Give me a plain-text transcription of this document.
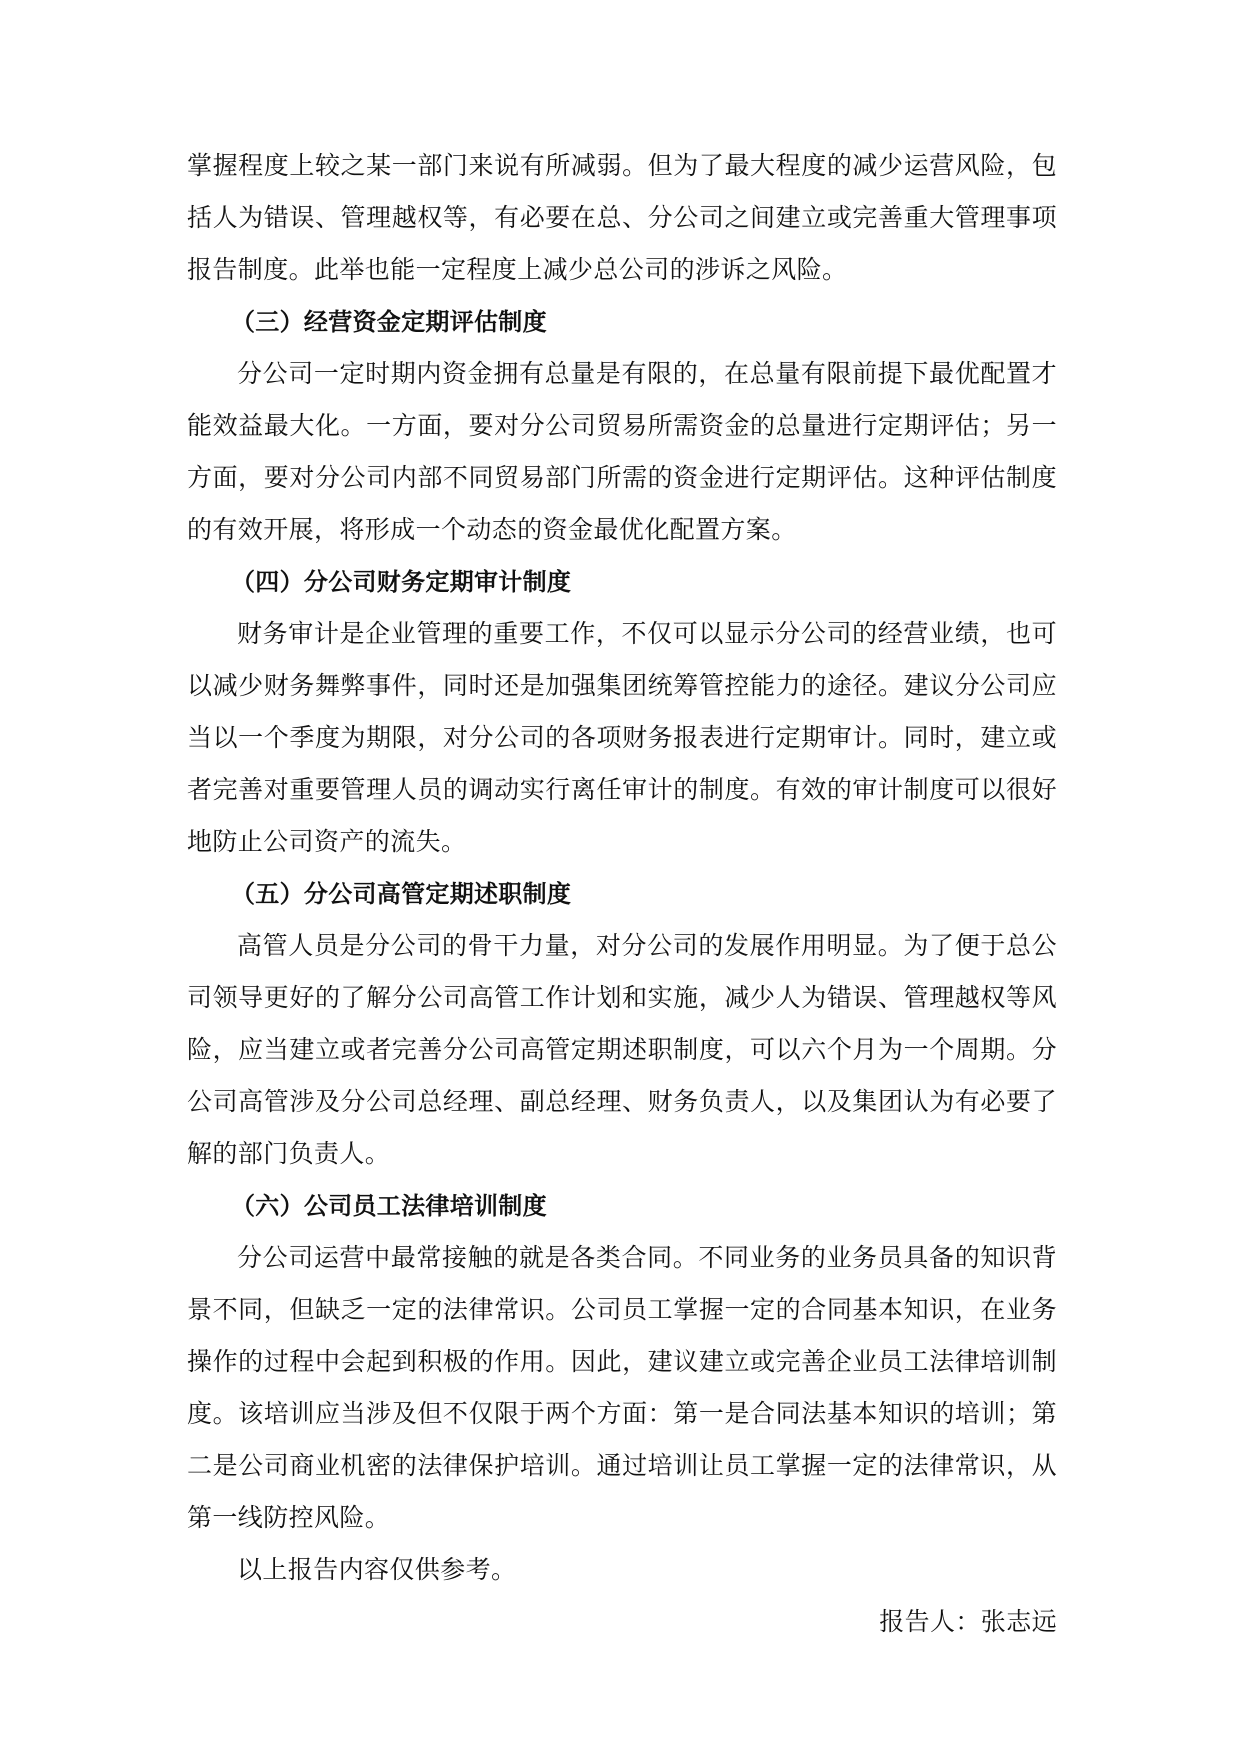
掌握程度上较之某一部门来说有所减弱。但为了最大程度的减少运营风险，包括人为错误、管理越权等，有必要在总、分公司之间建立或完善重大管理事项报告制度。此举也能一定程度上减少总公司的涉诉之风险。

（三）经营资金定期评估制度

分公司一定时期内资金拥有总量是有限的，在总量有限前提下最优配置才能效益最大化。一方面，要对分公司贸易所需资金的总量进行定期评估；另一方面，要对分公司内部不同贸易部门所需的资金进行定期评估。这种评估制度的有效开展，将形成一个动态的资金最优化配置方案。

（四）分公司财务定期审计制度

财务审计是企业管理的重要工作，不仅可以显示分公司的经营业绩，也可以减少财务舞弊事件，同时还是加强集团统筹管控能力的途径。建议分公司应当以一个季度为期限，对分公司的各项财务报表进行定期审计。同时，建立或者完善对重要管理人员的调动实行离任审计的制度。有效的审计制度可以很好地防止公司资产的流失。

（五）分公司高管定期述职制度

高管人员是分公司的骨干力量，对分公司的发展作用明显。为了便于总公司领导更好的了解分公司高管工作计划和实施，减少人为错误、管理越权等风险，应当建立或者完善分公司高管定期述职制度，可以六个月为一个周期。分公司高管涉及分公司总经理、副总经理、财务负责人，以及集团认为有必要了解的部门负责人。

（六）公司员工法律培训制度

分公司运营中最常接触的就是各类合同。不同业务的业务员具备的知识背景不同，但缺乏一定的法律常识。公司员工掌握一定的合同基本知识，在业务操作的过程中会起到积极的作用。因此，建议建立或完善企业员工法律培训制度。该培训应当涉及但不仅限于两个方面：第一是合同法基本知识的培训；第二是公司商业机密的法律保护培训。通过培训让员工掌握一定的法律常识，从第一线防控风险。

以上报告内容仅供参考。

报告人：张志远
